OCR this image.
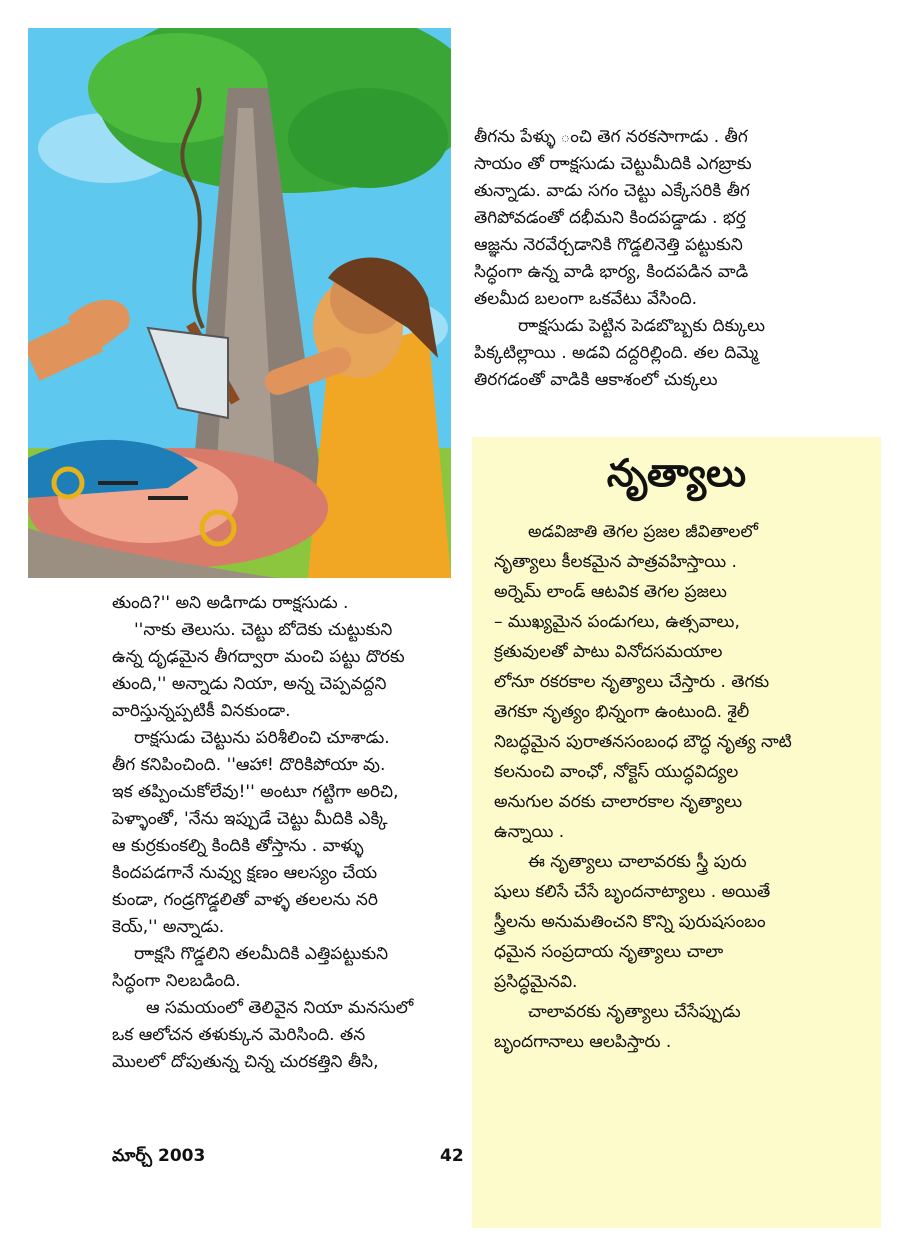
తీగను పేళ్ళు ంచి తెగ నరకసాగాడు . తీగ

సాయం తో రాాక్షసుడు చెట్టుమీదికి ఎగబ్రాకు

తున్నాడు. వాడు సగం చెట్టు ఎక్కేసరికి తీగ

తెగిపోవడంతో దభీమని కిందపడ్డాడు . భర్త

ఆజ్ఞను నెరవేర్చడానికి గొడ్డలినెత్తి పట్టుకుని

సిద్ధంగా ఉన్న వాడి భార్య, కిందపడిన వాడి

తలమీద బలంగా ఒకవేటు వేసింది.

రాాక్షసుడు పెట్టిన పెడబొబ్బకు దిక్కులు

పిక్కటిల్లాయి . అడవి దద్దరిల్లింది. తల దిమ్మె

తిరగడంతో వాడికి ఆకాశంలో చుక్కలు

నృత్యాలు

అడవిజాతి తెగల ప్రజల జీవితాలలో

నృత్యాలు కీలకమైన పాత్రవహిస్తాయి .

అర్నెమ్ లాండ్ ఆటవిక తెగల ప్రజలు

– ముఖ్యమైన పండుగలు, ఉత్సవాలు,

క్రతువులతో పాటు వినోదసమయాల

లోనూ రకరకాల నృత్యాలు చేస్తారు . తెగకు

తెగకూ నృత్యం భిన్నంగా ఉంటుంది. శైలీ

నిబద్ధమైన పురాతనసంబంధ బౌద్ధ నృత్య నాటి

కలనుంచి వాంఛో, నోక్టెస్ యుద్ధవిద్యల

అనుగుల వరకు చాలారకాల నృత్యాలు

ఉన్నాయి .

ఈ నృత్యాలు చాలావరకు స్త్రీ పురు

షులు కలిసే చేసే బృందనాట్యాలు . అయితే

స్త్రీలను అనుమతించని కొన్ని పురుషసంబం

ధమైన సంప్రదాయ నృత్యాలు చాలా

ప్రసిద్ధమైనవి.

చాలావరకు నృత్యాలు చేసేప్పుడు

బృందగానాలు ఆలపిస్తారు .

తుంది?'' అని అడిగాడు రాాక్షసుడు .

''నాకు తెలుసు. చెట్టు బోదెకు చుట్టుకుని

ఉన్న దృఢమైన తీగద్వారా మంచి పట్టు దొరకు

తుంది,'' అన్నాడు నియా, అన్న చెప్పవద్దని

వారిస్తున్నప్పటికీ వినకుండా.

రాక్షసుడు చెట్టును పరిశీలించి చూశాడు.

తీగ కనిపించింది. ''ఆహా! దొరికిపోయా వు.

ఇక తప్పించుకోలేవు!'' అంటూ గట్టిగా అరిచి,

పెళ్ళాంతో, 'నేను ఇప్పుడే చెట్టు మీదికి ఎక్కి

ఆ కుర్రకుంకల్ని కిందికి తోస్తాను . వాళ్ళు

కిందపడగానే నువ్వు క్షణం ఆలస్యం చేయ

కుండా, గండ్రగొడ్డలితో వాళ్ళ తలలను నరి

కెయ్,'' అన్నాడు.

రాాక్షసి గొడ్డలిని తలమీదికి ఎత్తిపట్టుకుని

సిద్ధంగా నిలబడింది.

ఆ సమయంలో తెలివైన నియా మనసులో

ఒక ఆలోచన తళుక్కున మెరిసింది. తన

మొలలో దోపుతున్న చిన్న చురకత్తిని తీసి,

మార్చ్ 2003	42
